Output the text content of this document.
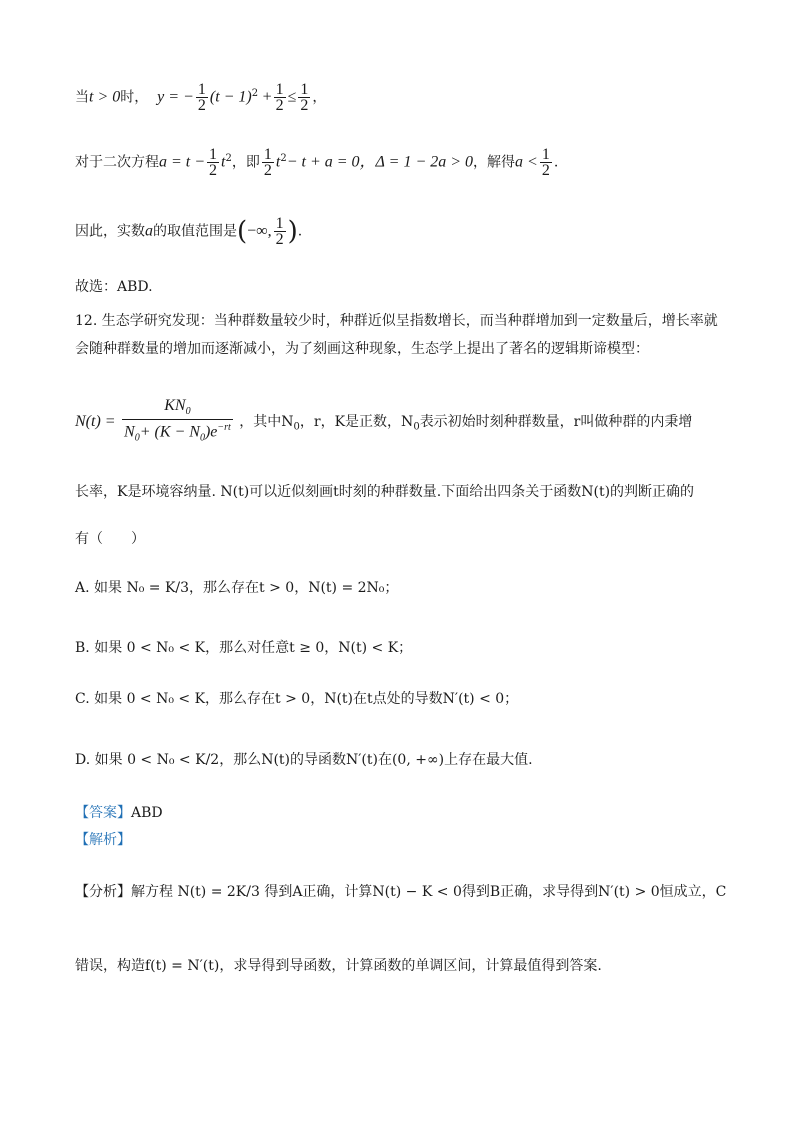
当t > 0时， y = − $\frac{1}{2} (t - 1)^2 + \frac{1}{2} \le \frac{1}{2}$ ，
对于二次方程$a = t - \frac{1}{2} t^2$，即 $\frac{1}{2} t^2- t + a = 0$，Δ = 1 − 2a > 0，解得$a < \frac{1}{2}$ .
因此，实数a的取值范围是(−∞, $\frac{1}{2}$ ).
故选：ABD.
12. 生态学研究发现：当种群数量较少时，种群近似呈指数增长，而当种群增加到一定数量后，增长率就
会随种群数量的增加而逐渐减小，为了刻画这种现象，生态学上提出了著名的逻辑斯谛模型：
$N(t) = \frac{KN_0}{N_0+ (K - N_0)e^{-rt}}$ ，其中$N_0$，r，K是正数，$N_0$表示初始时刻种群数量，r叫做种群的内秉增
长率，K是环境容纳量. N(t)可以近似刻画t时刻的种群数量.下面给出四条关于函数N(t)的判断正确的
有（　　）
A. 如果 N₀ = K/3，那么存在t > 0，N(t) = 2N₀；
B. 如果 0 < N₀ < K，那么对任意t ≥ 0，N(t) < K；
C. 如果 0 < N₀ < K，那么存在t > 0，N(t)在t点处的导数N′(t) < 0；
D. 如果 0 < N₀ < K/2，那么N(t)的导函数N′(t)在(0, +∞)上存在最大值.
【答案】ABD
【解析】
【分析】解方程 N(t) = 2K/3 得到A正确，计算N(t) − K < 0得到B正确，求导得到N′(t) > 0恒成立，C
错误，构造f(t) = N′(t)，求导得到导函数，计算函数的单调区间，计算最值得到答案.
